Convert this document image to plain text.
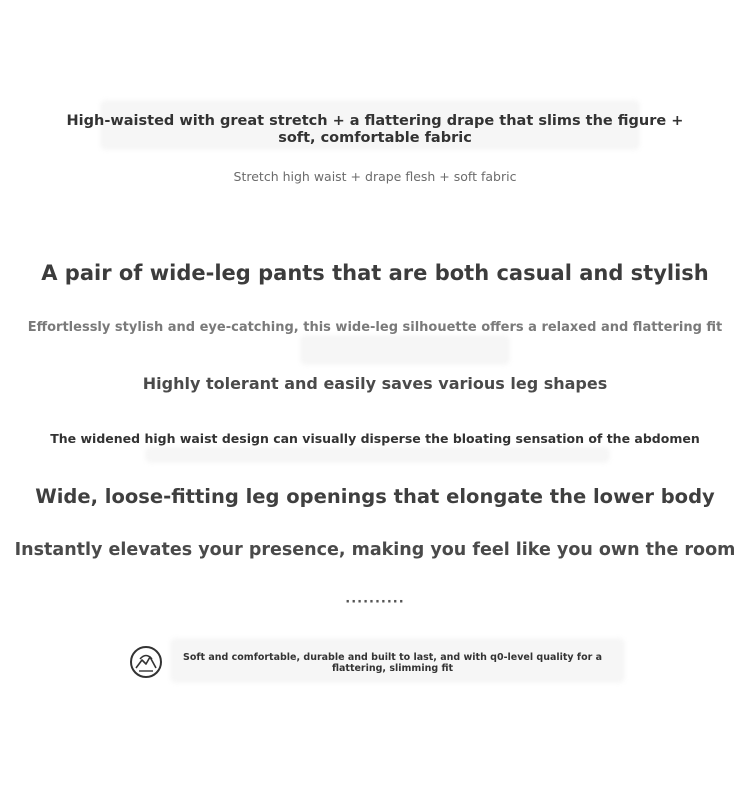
High-waisted with great stretch + a flattering drape that slims the figure + soft, comfortable fabric

Stretch high waist + drape flesh + soft fabric

A pair of wide-leg pants that are both casual and stylish

Effortlessly stylish and eye-catching, this wide-leg silhouette offers a relaxed and flattering fit

Highly tolerant and easily saves various leg shapes

The widened high waist design can visually disperse the bloating sensation of the abdomen

Wide, loose-fitting leg openings that elongate the lower body

Instantly elevates your presence, making you feel like you own the room

··········

Soft and comfortable, durable and built to last, and with q0-level quality for a flattering, slimming fit
